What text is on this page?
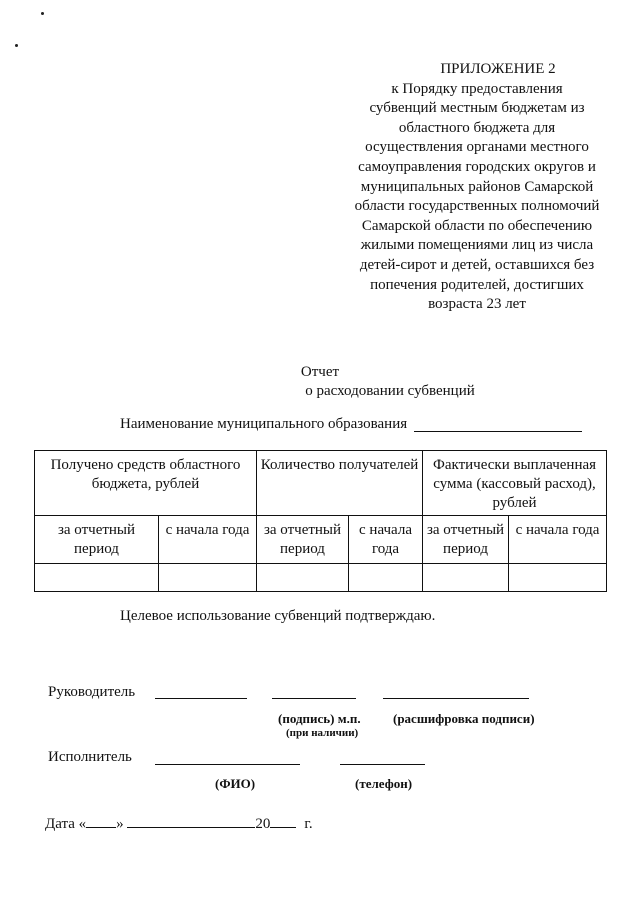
ПРИЛОЖЕНИЕ 2
к Порядку предоставления
субвенций местным бюджетам из
областного бюджета для
осуществления органами местного
самоуправления городских округов и
муниципальных районов Самарской
области государственных полномочий
Самарской области по обеспечению
жилыми помещениями лиц из числа
детей-сирот и детей, оставшихся без
попечения родителей, достигших
возраста 23 лет
Отчет
о расходовании субвенций
Наименование муниципального образования
Получено средств областного бюджета, рублей		Количество получателей		Фактически выплаченная сумма (кассовый расход), рублей	
за отчетный период	с начала года	за отчетный период	с начала года	за отчетный период	с начала года

Целевое использование субвенций подтверждаю.
Руководитель
(подпись) м.п.
(при наличии)
(расшифровка подписи)
Исполнитель
(ФИО)	(телефон)
Дата « »	20 г.
